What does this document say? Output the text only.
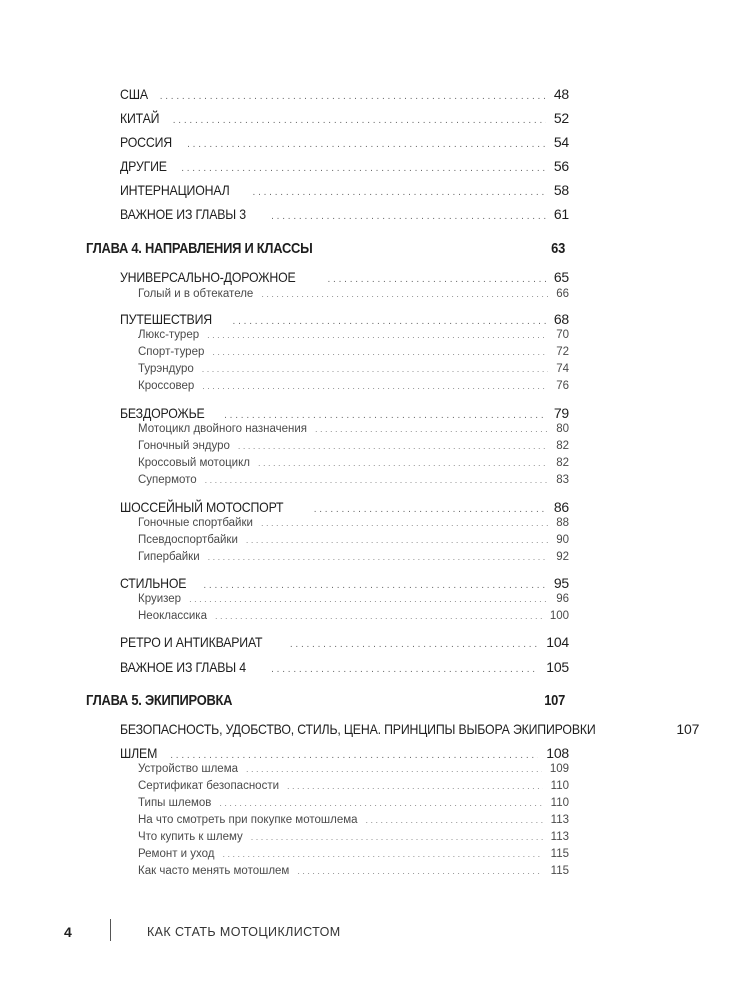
США . . .	48
КИТАЙ . . .	52
РОССИЯ . . .	54
ДРУГИЕ . . .	56
ИНТЕРНАЦИОНАЛ . . .	58
ВАЖНОЕ ИЗ ГЛАВЫ 3 . . .	61
ГЛАВА 4. НАПРАВЛЕНИЯ И КЛАССЫ	63
УНИВЕРСАЛЬНО-ДОРОЖНОЕ . . .	65
Голый и в обтекателе . . .	66
ПУТЕШЕСТВИЯ . . .	68
Люкс-турер . . .	70
Спорт-турер . . .	72
Турэндуро . . .	74
Кроссовер . . .	76
БЕЗДОРОЖЬЕ . . .	79
Мотоцикл двойного назначения . . .	80
Гоночный эндуро . . .	82
Кроссовый мотоцикл . . .	82
Супермото . . .	83
ШОССЕЙНЫЙ МОТОСПОРТ . . .	86
Гоночные спортбайки . . .	88
Псевдоспортбайки . . .	90
Гипербайки . . .	92
СТИЛЬНОЕ . . .	95
Круизер . . .	96
Неоклассика . . .	100
РЕТРО И АНТИКВАРИАТ . . .	104
ВАЖНОЕ ИЗ ГЛАВЫ 4 . . .	105
ГЛАВА 5. ЭКИПИРОВКА	107
БЕЗОПАСНОСТЬ, УДОБСТВО, СТИЛЬ, ЦЕНА. ПРИНЦИПЫ ВЫБОРА ЭКИПИРОВКИ	107
ШЛЕМ . . .	108
Устройство шлема . . .	109
Сертификат безопасности . . .	110
Типы шлемов . . .	110
На что смотреть при покупке мотошлема . . .	113
Что купить к шлему . . .	113
Ремонт и уход . . .	115
Как часто менять мотошлем . . .	115
4	КАК СТАТЬ МОТОЦИКЛИСТОМ
